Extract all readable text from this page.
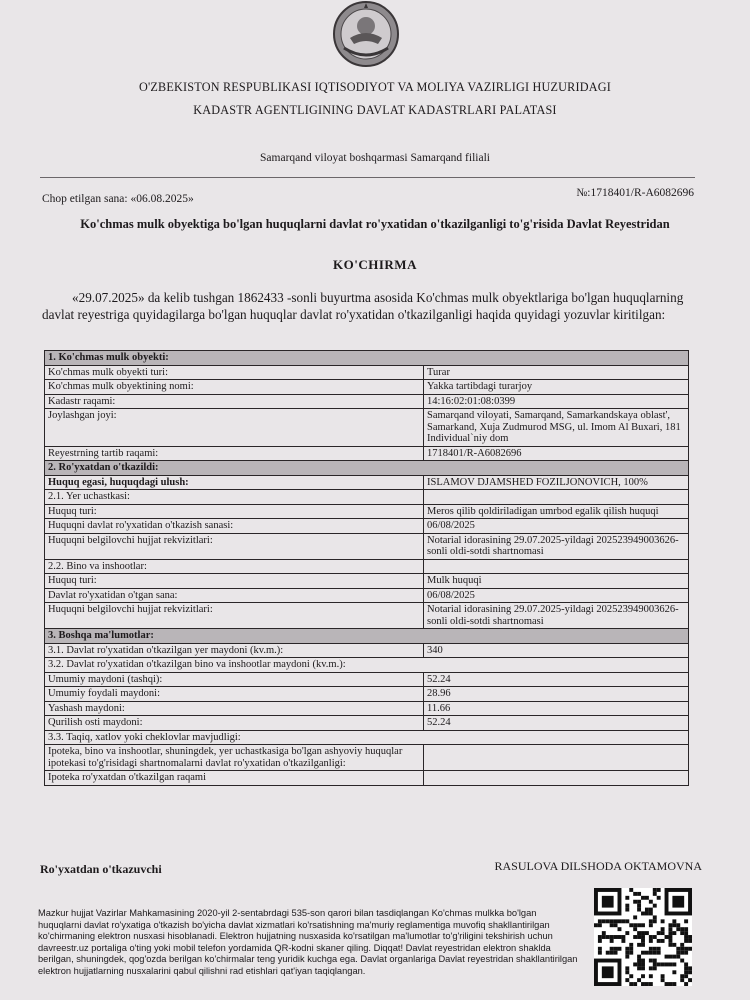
O'ZBEKISTON RESPUBLIKASI IQTISODIYOT VA MOLIYA VAZIRLIGI HUZURIDAGI
KADASTR AGENTLIGINING DAVLAT KADASTRLARI PALATASI
Samarqand viloyat boshqarmasi Samarqand filiali
Chop etilgan sana: «06.08.2025»	№:1718401/R-A6082696
Ko'chmas mulk obyektiga bo'lgan huquqlarni davlat ro'yxatidan o'tkazilganligi to'g'risida Davlat Reyestridan
KO'CHIRMA
«29.07.2025» da kelib tushgan 1862433 -sonli buyurtma asosida Ko'chmas mulk obyektlariga bo'lgan huquqlarning davlat reyestriga quyidagilarga bo'lgan huquqlar davlat ro'yxatidan o'tkazilganligi haqida quyidagi yozuvlar kiritilgan:
1. Ko'chmas mulk obyekti:	
Ko'chmas mulk obyekti turi:	Turar
Ko'chmas mulk obyektining nomi:	Yakka tartibdagi turarjoy
Kadastr raqami:	14:16:02:01:08:0399
Joylashgan joyi:	Samarqand viloyati, Samarqand, Samarkandskaya oblast', Samarkand, Xuja Zudmurod MSG, ul. Imom Al Buxari, 181 Individual`niy dom
Reyestrning tartib raqami:	1718401/R-A6082696
2. Ro'yxatdan o'tkazildi:	
Huquq egasi, huquqdagi ulush:	ISLAMOV DJAMSHED FOZILJONOVICH, 100%
2.1. Yer uchastkasi:	
Huquq turi:	Meros qilib qoldiriladigan umrbod egalik qilish huquqi
Huquqni davlat ro'yxatidan o'tkazish sanasi:	06/08/2025
Huquqni belgilovchi hujjat rekvizitlari:	Notarial idorasining 29.07.2025-yildagi 202523949003626-sonli oldi-sotdi shartnomasi
2.2. Bino va inshootlar:	
Huquq turi:	Mulk huquqi
Davlat ro'yxatidan o'tgan sana:	06/08/2025
Huquqni belgilovchi hujjat rekvizitlari:	Notarial idorasining 29.07.2025-yildagi 202523949003626-sonli oldi-sotdi shartnomasi
3. Boshqa ma'lumotlar:	
3.1. Davlat ro'yxatidan o'tkazilgan yer maydoni (kv.m.):	340
3.2. Davlat ro'yxatidan o'tkazilgan bino va inshootlar maydoni (kv.m.):	
Umumiy maydoni (tashqi):	52.24
Umumiy foydali maydoni:	28.96
Yashash maydoni:	11.66
Qurilish osti maydoni:	52.24
3.3. Taqiq, xatlov yoki cheklovlar mavjudligi:	
Ipoteka, bino va inshootlar, shuningdek, yer uchastkasiga bo'lgan ashyoviy huquqlar ipotekasi to'g'risidagi shartnomalarni davlat ro'yxatidan o'tkazilganligi:	
Ipoteka ro'yxatdan o'tkazilgan raqami	
Ro'yxatdan o'tkazuvchi	RASULOVA DILSHODA OKTAMOVNA
Mazkur hujjat Vazirlar Mahkamasining 2020-yil 2-sentabrdagi 535-son qarori bilan tasdiqlangan Ko'chmas mulkka bo'lgan huquqlarni davlat ro'yxatiga o'tkazish bo'yicha davlat xizmatlari ko'rsatishning ma'muriy reglamentiga muvofiq shakllantirilgan ko'chirmaning elektron nusxasi hisoblanadi. Elektron hujjatning nusxasida ko'rsatilgan ma'lumotlar to'g'riligini tekshirish uchun davreestr.uz portaliga o'ting yoki mobil telefon yordamida QR-kodni skaner qiling. Diqqat! Davlat reyestridan elektron shaklda berilgan, shuningdek, qog'ozda berilgan ko'chirmalar teng yuridik kuchga ega. Davlat organlariga Davlat reyestridan shakllantirilgan elektron hujjatlarning nusxalarini qabul qilishni rad etishlari qat'iyan taqiqlangan.
